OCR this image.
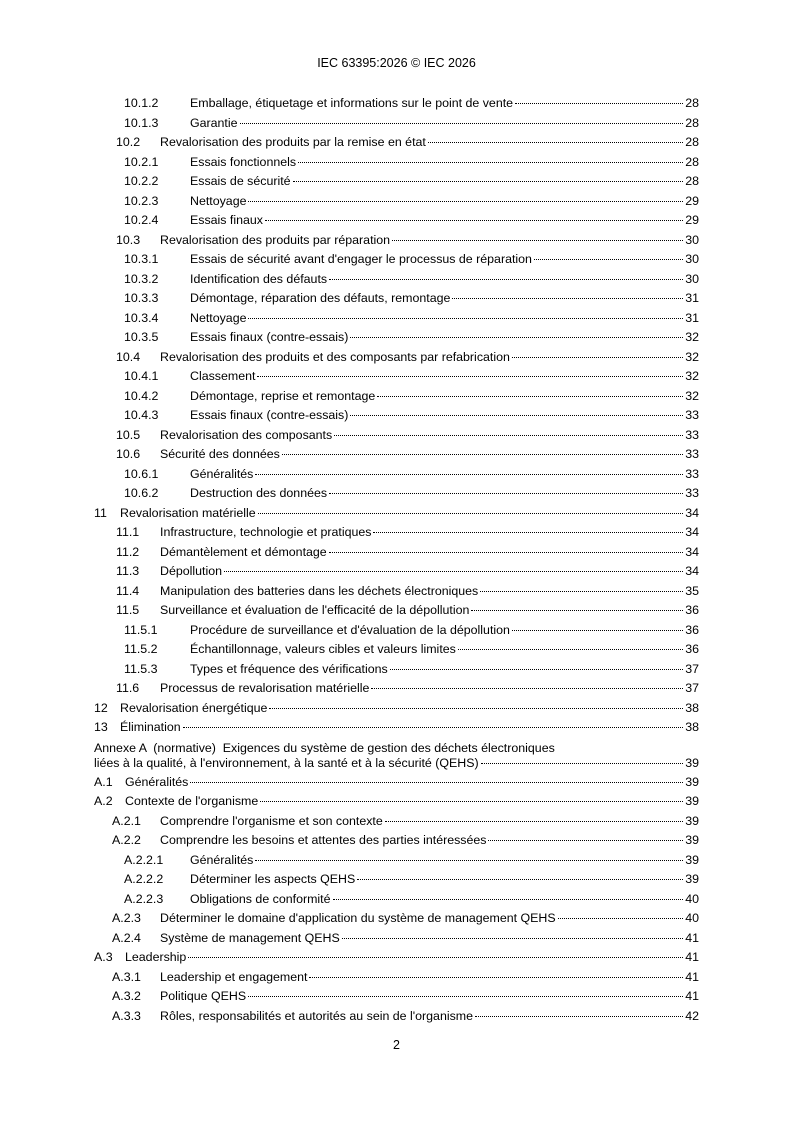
IEC 63395:2026 © IEC 2026
10.1.2	Emballage, étiquetage et informations sur le point de vente	28
10.1.3	Garantie	28
10.2	Revalorisation des produits par la remise en état	28
10.2.1	Essais fonctionnels	28
10.2.2	Essais de sécurité	28
10.2.3	Nettoyage	29
10.2.4	Essais finaux	29
10.3	Revalorisation des produits par réparation	30
10.3.1	Essais de sécurité avant d'engager le processus de réparation	30
10.3.2	Identification des défauts	30
10.3.3	Démontage, réparation des défauts, remontage	31
10.3.4	Nettoyage	31
10.3.5	Essais finaux (contre-essais)	32
10.4	Revalorisation des produits et des composants par refabrication	32
10.4.1	Classement	32
10.4.2	Démontage, reprise et remontage	32
10.4.3	Essais finaux (contre-essais)	33
10.5	Revalorisation des composants	33
10.6	Sécurité des données	33
10.6.1	Généralités	33
10.6.2	Destruction des données	33
11	Revalorisation matérielle	34
11.1	Infrastructure, technologie et pratiques	34
11.2	Démantèlement et démontage	34
11.3	Dépollution	34
11.4	Manipulation des batteries dans les déchets électroniques	35
11.5	Surveillance et évaluation de l'efficacité de la dépollution	36
11.5.1	Procédure de surveillance et d'évaluation de la dépollution	36
11.5.2	Échantillonnage, valeurs cibles et valeurs limites	36
11.5.3	Types et fréquence des vérifications	37
11.6	Processus de revalorisation matérielle	37
12 Revalorisation énergétique	38
13 Élimination	38
Annexe A  (normative)  Exigences du système de gestion des déchets électroniques
liées à la qualité, à l'environnement, à la santé et à la sécurité (QEHS)	39
A.1 Généralités	39
A.2 Contexte de l'organisme	39
A.2.1	Comprendre l'organisme et son contexte	39
A.2.2	Comprendre les besoins et attentes des parties intéressées	39
A.2.2.1	Généralités	39
A.2.2.2	Déterminer les aspects QEHS	39
A.2.2.3	Obligations de conformité	40
A.2.3	Déterminer le domaine d'application du système de management QEHS	40
A.2.4	Système de management QEHS	41
A.3 Leadership	41
A.3.1	Leadership et engagement	41
A.3.2	Politique QEHS	41
A.3.3	Rôles, responsabilités et autorités au sein de l'organisme	42
2
